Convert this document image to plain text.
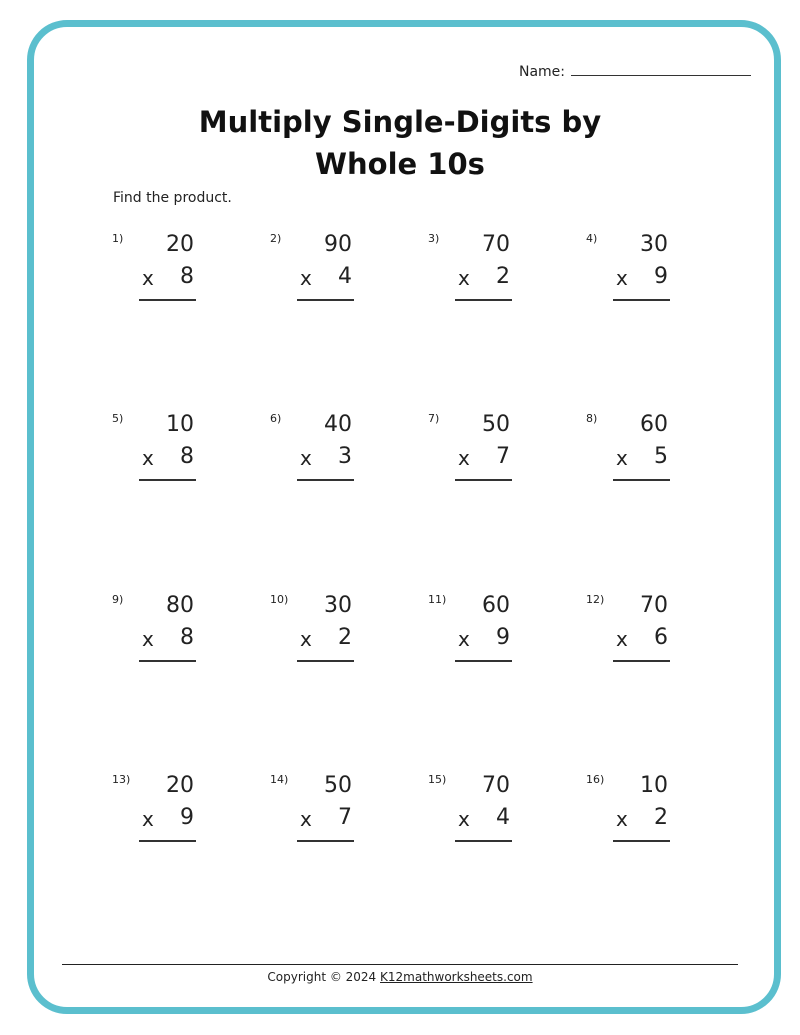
Name:
Multiply Single-Digits by
Whole 10s
Find the product.
1) 20
x 8
2) 90
x 4
3) 70
x 2
4) 30
x 9
5) 10
x 8
6) 40
x 3
7) 50
x 7
8) 60
x 5
9) 80
x 8
10) 30
x 2
11) 60
x 9
12) 70
x 6
13) 20
x 9
14) 50
x 7
15) 70
x 4
16) 10
x 2
Copyright © 2024 K12mathworksheets.com
